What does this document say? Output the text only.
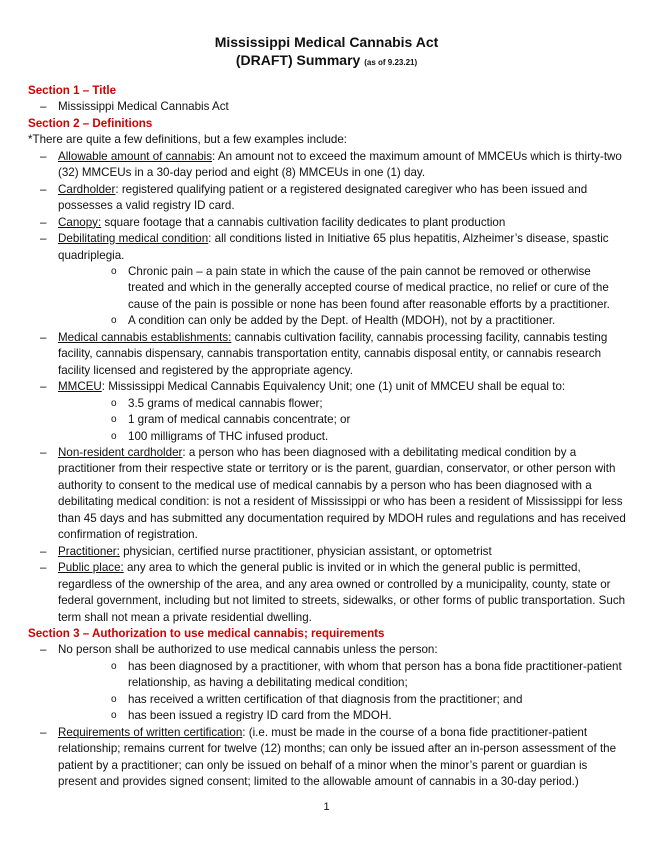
Mississippi Medical Cannabis Act

(DRAFT) Summary (as of 9.23.21)

Section 1 – Title

– Mississippi Medical Cannabis Act

Section 2 – Definitions

*There are quite a few definitions, but a few examples include:

– Allowable amount of cannabis: An amount not to exceed the maximum amount of MMCEUs which is thirty-two (32) MMCEUs in a 30-day period and eight (8) MMCEUs in one (1) day.
– Cardholder: registered qualifying patient or a registered designated caregiver who has been issued and possesses a valid registry ID card.
– Canopy: square footage that a cannabis cultivation facility dedicates to plant production
– Debilitating medical condition: all conditions listed in Initiative 65 plus hepatitis, Alzheimer’s disease, spastic quadriplegia.
o Chronic pain – a pain state in which the cause of the pain cannot be removed or otherwise treated and which in the generally accepted course of medical practice, no relief or cure of the cause of the pain is possible or none has been found after reasonable efforts by a practitioner.
o A condition can only be added by the Dept. of Health (MDOH), not by a practitioner.
– Medical cannabis establishments: cannabis cultivation facility, cannabis processing facility, cannabis testing facility, cannabis dispensary, cannabis transportation entity, cannabis disposal entity, or cannabis research facility licensed and registered by the appropriate agency.
– MMCEU: Mississippi Medical Cannabis Equivalency Unit; one (1) unit of MMCEU shall be equal to:
o 3.5 grams of medical cannabis flower;
o 1 gram of medical cannabis concentrate; or
o 100 milligrams of THC infused product.
– Non-resident cardholder: a person who has been diagnosed with a debilitating medical condition by a practitioner from their respective state or territory or is the parent, guardian, conservator, or other person with authority to consent to the medical use of medical cannabis by a person who has been diagnosed with a debilitating medical condition: is not a resident of Mississippi or who has been a resident of Mississippi for less than 45 days and has submitted any documentation required by MDOH rules and regulations and has received confirmation of registration.
– Practitioner: physician, certified nurse practitioner, physician assistant, or optometrist
– Public place: any area to which the general public is invited or in which the general public is permitted, regardless of the ownership of the area, and any area owned or controlled by a municipality, county, state or federal government, including but not limited to streets, sidewalks, or other forms of public transportation. Such term shall not mean a private residential dwelling.

Section 3 – Authorization to use medical cannabis; requirements

– No person shall be authorized to use medical cannabis unless the person:
o has been diagnosed by a practitioner, with whom that person has a bona fide practitioner-patient relationship, as having a debilitating medical condition;
o has received a written certification of that diagnosis from the practitioner; and
o has been issued a registry ID card from the MDOH.
– Requirements of written certification: (i.e. must be made in the course of a bona fide practitioner-patient relationship; remains current for twelve (12) months; can only be issued after an in-person assessment of the patient by a practitioner; can only be issued on behalf of a minor when the minor’s parent or guardian is present and provides signed consent; limited to the allowable amount of cannabis in a 30-day period.)

1
